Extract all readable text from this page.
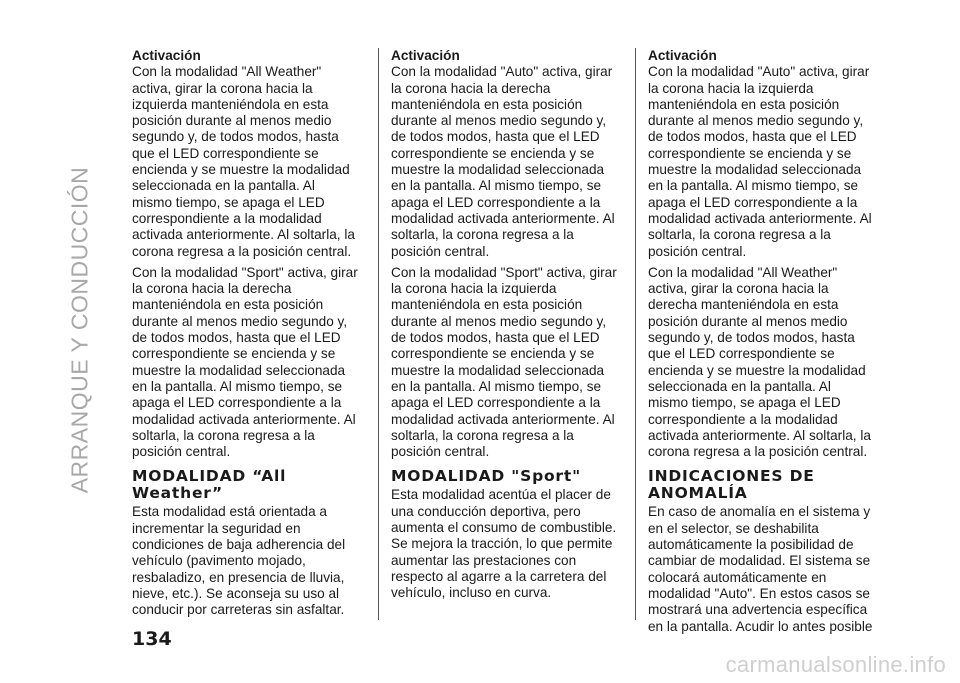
ARRANQUE Y CONDUCCIÓN
Activación

Con la modalidad "All Weather" activa, girar la corona hacia la izquierda manteniéndola en esta posición durante al menos medio segundo y, de todos modos, hasta que el LED correspondiente se encienda y se muestre la modalidad seleccionada en la pantalla. Al mismo tiempo, se apaga el LED correspondiente a la modalidad activada anteriormente. Al soltarla, la corona regresa a la posición central.

Con la modalidad "Sport" activa, girar la corona hacia la derecha manteniéndola en esta posición durante al menos medio segundo y, de todos modos, hasta que el LED correspondiente se encienda y se muestre la modalidad seleccionada en la pantalla. Al mismo tiempo, se apaga el LED correspondiente a la modalidad activada anteriormente. Al soltarla, la corona regresa a la posición central.

MODALIDAD “All Weather”

Esta modalidad está orientada a incrementar la seguridad en condiciones de baja adherencia del vehículo (pavimento mojado, resbaladizo, en presencia de lluvia, nieve, etc.). Se aconseja su uso al conducir por carreteras sin asfaltar.

Activación

Con la modalidad "Auto" activa, girar la corona hacia la derecha manteniéndola en esta posición durante al menos medio segundo y, de todos modos, hasta que el LED correspondiente se encienda y se muestre la modalidad seleccionada en la pantalla. Al mismo tiempo, se apaga el LED correspondiente a la modalidad activada anteriormente. Al soltarla, la corona regresa a la posición central.

Con la modalidad "Sport" activa, girar la corona hacia la izquierda manteniéndola en esta posición durante al menos medio segundo y, de todos modos, hasta que el LED correspondiente se encienda y se muestre la modalidad seleccionada en la pantalla. Al mismo tiempo, se apaga el LED correspondiente a la modalidad activada anteriormente. Al soltarla, la corona regresa a la posición central.

MODALIDAD "Sport"

Esta modalidad acentúa el placer de una conducción deportiva, pero aumenta el consumo de combustible. Se mejora la tracción, lo que permite aumentar las prestaciones con respecto al agarre a la carretera del vehículo, incluso en curva.

Activación

Con la modalidad "Auto" activa, girar la corona hacia la izquierda manteniéndola en esta posición durante al menos medio segundo y, de todos modos, hasta que el LED correspondiente se encienda y se muestre la modalidad seleccionada en la pantalla. Al mismo tiempo, se apaga el LED correspondiente a la modalidad activada anteriormente. Al soltarla, la corona regresa a la posición central.

Con la modalidad "All Weather" activa, girar la corona hacia la derecha manteniéndola en esta posición durante al menos medio segundo y, de todos modos, hasta que el LED correspondiente se encienda y se muestre la modalidad seleccionada en la pantalla. Al mismo tiempo, se apaga el LED correspondiente a la modalidad activada anteriormente. Al soltarla, la corona regresa a la posición central.

INDICACIONES DE ANOMALÍA

En caso de anomalía en el sistema y en el selector, se deshabilita automáticamente la posibilidad de cambiar de modalidad. El sistema se colocará automáticamente en modalidad "Auto". En estos casos se mostrará una advertencia específica en la pantalla. Acudir lo antes posible

134
carmanualsonline.info
